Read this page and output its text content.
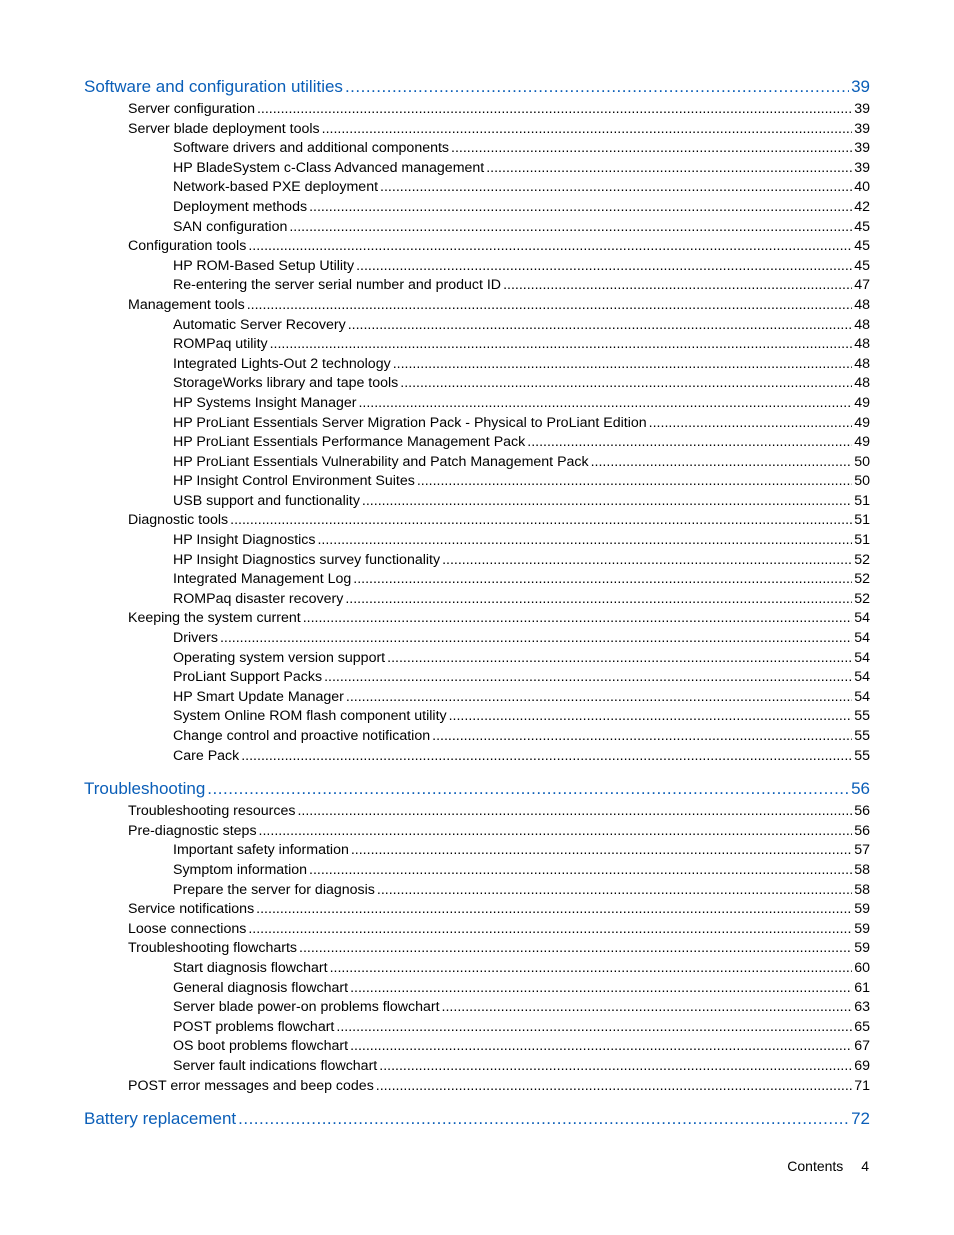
Software and configuration utilities .....	39
Server configuration .....	39
Server blade deployment tools .....	39
Software drivers and additional components .....	39
HP BladeSystem c-Class Advanced management .....	39
Network-based PXE deployment .....	40
Deployment methods .....	42
SAN configuration .....	45
Configuration tools .....	45
HP ROM-Based Setup Utility .....	45
Re-entering the server serial number and product ID .....	47
Management tools .....	48
Automatic Server Recovery .....	48
ROMPaq utility .....	48
Integrated Lights-Out 2 technology .....	48
StorageWorks library and tape tools .....	48
HP Systems Insight Manager .....	49
HP ProLiant Essentials Server Migration Pack - Physical to ProLiant Edition .....	49
HP ProLiant Essentials Performance Management Pack .....	49
HP ProLiant Essentials Vulnerability and Patch Management Pack .....	50
HP Insight Control Environment Suites .....	50
USB support and functionality .....	51
Diagnostic tools .....	51
HP Insight Diagnostics .....	51
HP Insight Diagnostics survey functionality .....	52
Integrated Management Log .....	52
ROMPaq disaster recovery .....	52
Keeping the system current .....	54
Drivers .....	54
Operating system version support .....	54
ProLiant Support Packs .....	54
HP Smart Update Manager .....	54
System Online ROM flash component utility .....	55
Change control and proactive notification .....	55
Care Pack .....	55
Troubleshooting .....	56
Troubleshooting resources .....	56
Pre-diagnostic steps .....	56
Important safety information .....	57
Symptom information .....	58
Prepare the server for diagnosis .....	58
Service notifications .....	59
Loose connections .....	59
Troubleshooting flowcharts .....	59
Start diagnosis flowchart .....	60
General diagnosis flowchart .....	61
Server blade power-on problems flowchart .....	63
POST problems flowchart .....	65
OS boot problems flowchart .....	67
Server fault indications flowchart .....	69
POST error messages and beep codes .....	71
Battery replacement .....	72
Contents 4
